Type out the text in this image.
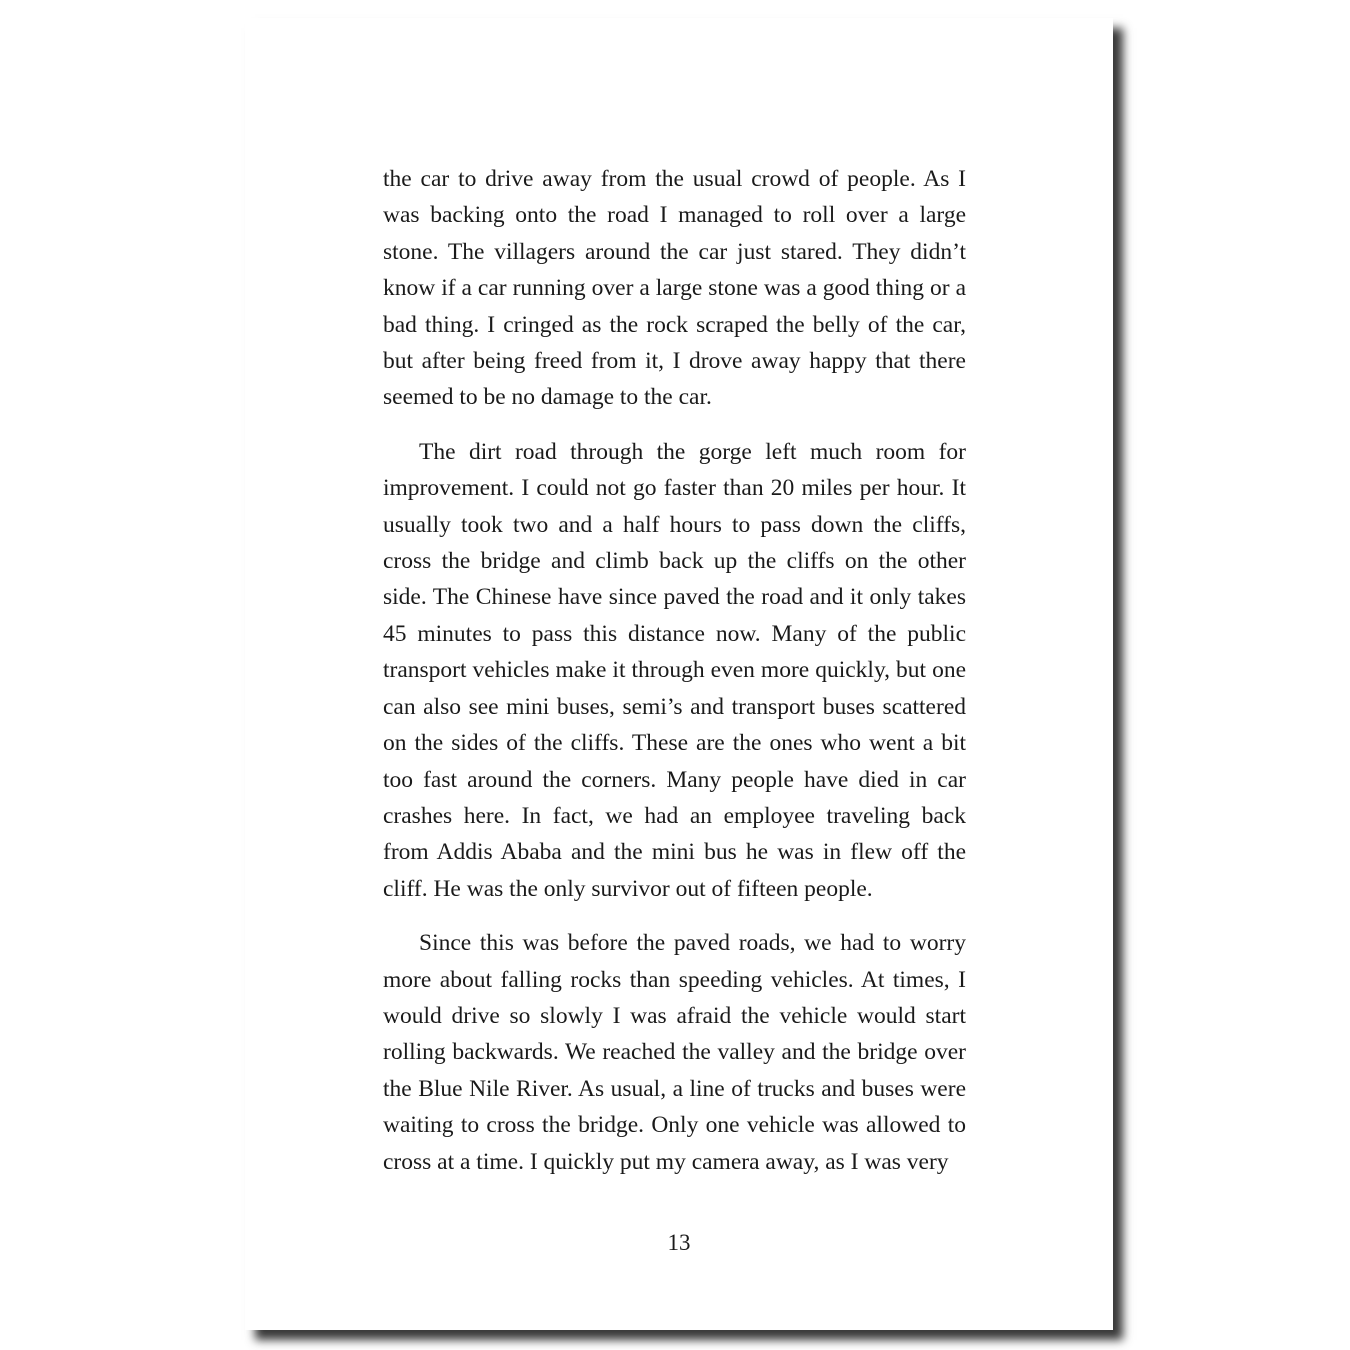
the car to drive away from the usual crowd of people. As I was backing onto the road I managed to roll over a large stone. The villagers around the car just stared. They didn’t know if a car running over a large stone was a good thing or a bad thing. I cringed as the rock scraped the belly of the car, but after being freed from it, I drove away happy that there seemed to be no damage to the car.

The dirt road through the gorge left much room for improvement. I could not go faster than 20 miles per hour. It usually took two and a half hours to pass down the cliffs, cross the bridge and climb back up the cliffs on the other side. The Chinese have since paved the road and it only takes 45 minutes to pass this distance now. Many of the public transport vehicles make it through even more quickly, but one can also see mini buses, semi’s and transport buses scattered on the sides of the cliffs. These are the ones who went a bit too fast around the corners. Many people have died in car crashes here. In fact, we had an employee traveling back from Addis Ababa and the mini bus he was in flew off the cliff. He was the only survivor out of fifteen people.

Since this was before the paved roads, we had to worry more about falling rocks than speeding vehicles. At times, I would drive so slowly I was afraid the vehicle would start rolling backwards. We reached the valley and the bridge over the Blue Nile River. As usual, a line of trucks and buses were waiting to cross the bridge. Only one vehicle was allowed to cross at a time. I quickly put my camera away, as I was very

13
